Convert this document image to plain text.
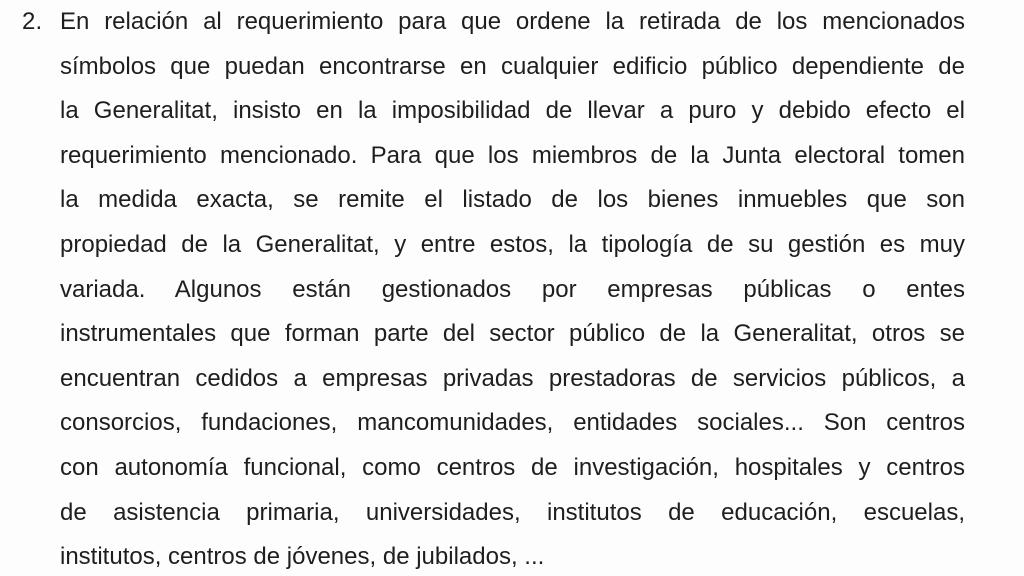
2. En relación al requerimiento para que ordene la retirada de los mencionados
símbolos que puedan encontrarse en cualquier edificio público dependiente de
la Generalitat, insisto en la imposibilidad de llevar a puro y debido efecto el
requerimiento mencionado. Para que los miembros de la Junta electoral tomen
la medida exacta, se remite el listado de los bienes inmuebles que son
propiedad de la Generalitat, y entre estos, la tipología de su gestión es muy
variada. Algunos están gestionados por empresas públicas o entes
instrumentales que forman parte del sector público de la Generalitat, otros se
encuentran cedidos a empresas privadas prestadoras de servicios públicos, a
consorcios, fundaciones, mancomunidades, entidades sociales... Son centros
con autonomía funcional, como centros de investigación, hospitales y centros
de asistencia primaria, universidades, institutos de educación, escuelas,
institutos, centros de jóvenes, de jubilados, ...
